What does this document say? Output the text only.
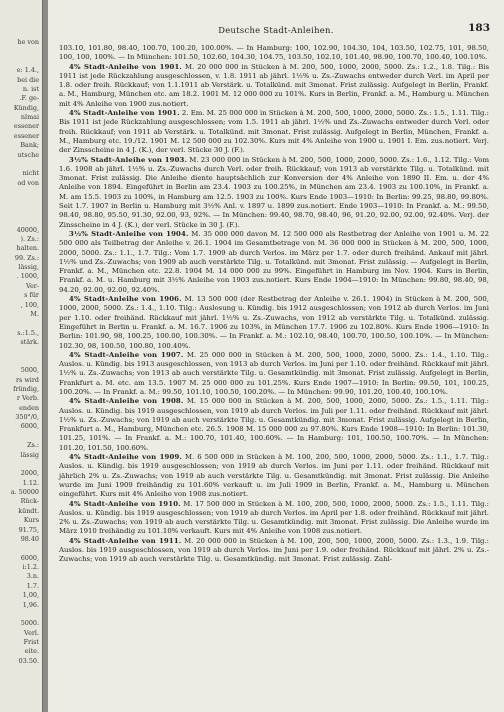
he von

e: 1.4.,
bei die
n. ist
.F. ge-
Kündig,
nlmai
essener
essener
Bank;
utsche

nicht
od von

40000,
). Zs.:
halten.
99. Zs.:
lässig,
. 1000,
Ver-
s für
, 100,
M.

s.:1.5.,
stärk.

5000,
rs wird
fründig,
r Verb.
enden
350°/0,
6000,

Zs.:
lässig

2000,
1.12.
a. 50000
Rück-
kündt.
Kurs
91.75,
98.40

6000,
i:1.2.
3.n.
1.7.
1,00,
1,96.

5000.
Verl.
Frist
eite.
03.50.
Deutsche Stadt-Anleihen.	183

103.10, 101.80, 98.40, 100.70, 100.20, 100.00%. — In Hamburg: 100, 102.90, 104.30, 104, 103.50, 102.75, 101, 98.50, 100, 100, 100%. — In München: 101.50, 102.60, 104.30, 104.75, 103.50, 102.10, 101.40, 98.90, 100.70, 100.40, 100.10%.

4% Stadt-Anleihe von 1901. M. 20 000 000 in Stücken à M. 200, 500, 1000, 2000, 5000. Zs.: 1.2., 1.8. Tilg.: Bis 1911 ist jede Rückzahlung ausgeschlossen, v. 1.8. 1911 ab jährl. 1½% u. Zs.-Zuwachs entweder durch Verl. im April per 1.8. oder freih. Rückkauf; von 1.1.1911 ab Verstärk. u. Totalkünd. mit 3monat. Frist zulässig. Aufgelegt in Berlin, Frankf. a. M., Hamburg, München etc. am 18.2. 1901 M. 12 000 000 zu 101%. Kurs in Berlin, Frankf. a. M., Hamburg u. München mit 4% Anleihe von 1900 zus.notiert.

4% Stadt-Anleihe von 1901. 2. Em. M. 25 000 000 in Stücken à M. 200, 500, 1000, 2000, 5000. Zs.: 1.5., 1.11. Tilg.: Bis 1911 ist jede Rückzahlung ausgeschlossen; vom 1.5. 1911 ab jährl. 1½% und Zs.-Zuwachs entweder durch Verl. oder freih. Rückkauf; von 1911 ab Verstärk. u. Totalkünd. mit 3monat. Frist zulässig. Aufgelegt in Berlin, München, Frankf. a. M., Hamburg etc. 19./12. 1901 M. 12 500 000 zu 102.30%. Kurs mit 4% Anleihe von 1900 u. 1901 I. Em. zus.notiert. Verj. der Zinsscheine in 4 J. (K.), der verl. Stücke 30 J. (F.).

3½% Stadt-Anleihe von 1903. M. 23 000 000 in Stücken à M. 200, 500, 1000, 2000, 5000. Zs.: 1.6., 1.12. Tilg.: Vom 1.6. 1908 ab jährl. 1½% u. Zs.-Zuwachs durch Verl. oder freih. Rückkauf; von 1913 ab verstärkte Tilg. u. Totalkünd. mit 3monat. Frist zulässig. Die Anleihe diente hauptsächlich zur Konversion der 4% Anleihe von 1890 II. Em. u. der 4% Anleihe von 1894. Eingeführt in Berlin am 23.4. 1903 zu 100.25%, in München am 23.4. 1903 zu 100.10%, in Frankf. a. M. am 15.5. 1903 zu 100%, in Hamburg am 12.5. 1903 zu 100%. Kurs Ende 1903—1910: In Berlin: 99.25, 98.80, 99.80%. Seit 1.7. 1907 in Berlin u. Hamburg mit 3½% Anl. v. 1897 u. 1899 zus.notiert. Ende 1903—1910: In Frankf. a. M.: 99.50, 98.40, 98.80, 95.50, 91.30, 92.00, 93, 92%. — In München: 99.40, 98.70, 98.40, 96, 91.20, 92.00, 92.00, 92.40%. Verj. der Zinsscheine in 4 J. (K.), der verl. Stücke in 30 J. (F.).

3½% Stadt-Anleihe von 1904. M. 35 000 000 davon M. 12 500 000 als Restbetrag der Anleihe von 1901 u. M. 22 500 000 als Teilbetrag der Anleihe v. 26.1. 1904 im Gesamtbetrage von M. 36 000 000 in Stücken à M. 200, 500, 1000, 2000, 5000. Zs.: 1.1., 1.7. Tilg.: Vom 1.7. 1909 ab durch Verlos. im März per 1.7. oder durch freihänd. Ankauf mit jährl. 1½% und Zs.-Zuwachs; von 1909 ab auch verstärkte Tilg. u. Totalkünd. mit 3monat. Frist zulässig. — Aufgelegt in Berlin, Frankf. a. M., München etc. 22.8. 1904 M. 14 000 000 zu 99%. Eingeführt in Hamburg im Nov. 1904. Kurs in Berlin, Frankf. a. M. u. Hamburg mit 3½% Anleihe von 1903 zus.notiert. Kurs Ende 1904—1910: In München: 99.80, 98.40, 98, 94.20, 92.00, 92.00, 92.40%.

4% Stadt-Anleihe von 1906. M. 13 500 000 (der Restbetrag der Anleihe v. 26.1. 1904) in Stücken à M. 200, 500, 1000, 2000, 5000. Zs.: 1.4., 1.10. Tilg.: Auslosung u. Kündig. bis 1912 ausgeschlossen; von 1912 ab durch Verlos. im Juni per 1.10. oder freihänd. Rückkauf mit jährl. 1½% u. Zs.-Zuwachs, von 1912 ab verstärkte Tilg. u. Totalkünd. zulässig. Eingeführt in Berlin u. Frankf. a. M. 16.7. 1906 zu 103%, in München 17.7. 1906 zu 102.80%. Kurs Ende 1906—1910: In Berlin: 101.90, 98, 100.25, 100.00, 100.30%. — In Frankf. a. M.: 102.10, 98.40, 100.70, 100.50, 100.10%. — In München: 102.30, 98, 100.50, 100.80, 100.40%.

4% Stadt-Anleihe von 1907. M. 25 000 000 in Stücken à M. 200, 500, 1000, 2000, 5000. Zs.: 1.4., 1.10. Tilg.: Auslos. u. Kündig. bis 1913 ausgeschlossen, von 1913 ab durch Verlos. im Juni per 1.10. oder freihänd. Rückkauf mit jährl. 1½% u. Zs.-Zuwachs; von 1913 ab auch verstärkte Tilg. u. Gesamtkündig. mit 3monat. Frist zulässig. Aufgelegt in Berlin, Frankfurt a. M. etc. am 13.5. 1907 M. 25 000 000 zu 101.25%. Kurs Ende 1907—1910: In Berlin: 99.50, 101, 100.25, 100.20%. — In Frankf. a. M.: 99.50, 101.10, 100.50, 100.20%. — In München: 99.90, 101.20, 100.40, 100.10%.

4% Stadt-Anleihe von 1908. M. 15 000 000 in Stücken à M. 200, 500, 1000, 2000, 5000. Zs.: 1.5., 1.11. Tilg.: Auslos. u. Kündig. bis 1919 ausgeschlossen, von 1919 ab durch Verlos. im Juli per 1.11. oder freihänd. Rückkauf mit jährl. 1½% u. Zs.-Zuwachs; von 1919 ab auch verstärkte Tilg. u. Gesamtkündig. mit 3monat. Frist zulässig. Aufgelegt in Berlin, Frankfurt a. M., Hamburg, München etc. 26.5. 1908 M. 15 000 000 zu 97.80%. Kurs Ende 1908—1910: In Berlin: 101.30, 101.25, 101%. — In Frankf. a. M.: 100.70, 101.40, 100.60%. — In Hamburg: 101, 100.50, 100.70%. — In München: 101.20, 101.50, 100.60%.

4% Stadt-Anleihe von 1909. M. 6 500 000 in Stücken à M. 100, 200, 500, 1000, 2000, 5000. Zs.: 1.1., 1.7. Tilg.: Auslos. u. Kündig. bis 1919 ausgeschlossen; von 1919 ab durch Verlos. im Juni per 1.11. oder freihänd. Rückkauf mit jährlich 2% u. Zs.-Zuwachs; von 1919 ab auch verstärkte Tilg. u. Gesamtkündig. mit 3monat. Frist zulässig. Die Anleihe wurde im Juni 1909 freihändig zu 101.60% verkauft u. im Juli 1909 in Berlin, Frankf. a. M., Hamburg u. München eingeführt. Kurs mit 4% Anleihe von 1908 zus.notiert.

4% Stadt-Anleihe von 1910. M. 17 500 000 in Stücken à M. 100, 200, 500, 1000, 2000, 5000. Zs.: 1.5., 1.11. Tilg.: Auslos. u. Kündig. bis 1919 ausgeschlossen; von 1919 ab durch Verlos. im April per 1.8. oder freihänd. Rückkauf mit jährl. 2% u. Zs.-Zuwachs; von 1919 ab auch verstärkte Tilg. u. Gesamtkündig. mit 3monat. Frist zulässig. Die Anleihe wurde im März 1910 freihändig zu 101.10% verkauft. Kurs mit 4% Anleihe von 1908 zus.notiert.

4% Stadt-Anleihe von 1911. M. 20 000 000 in Stücken à M. 100, 200, 500, 1000, 2000, 5000. Zs.: 1.3., 1.9. Tilg.: Auslos. bis 1919 ausgeschlossen, von 1919 ab durch Verlos. im Juni per 1.9. oder freihänd. Rückkauf mit jährl. 2% u. Zs.-Zuwachs; von 1919 ab auch verstärkte Tilg. u. Gesamtkündig. mit 3monat. Frist zulässig. Zahl-
